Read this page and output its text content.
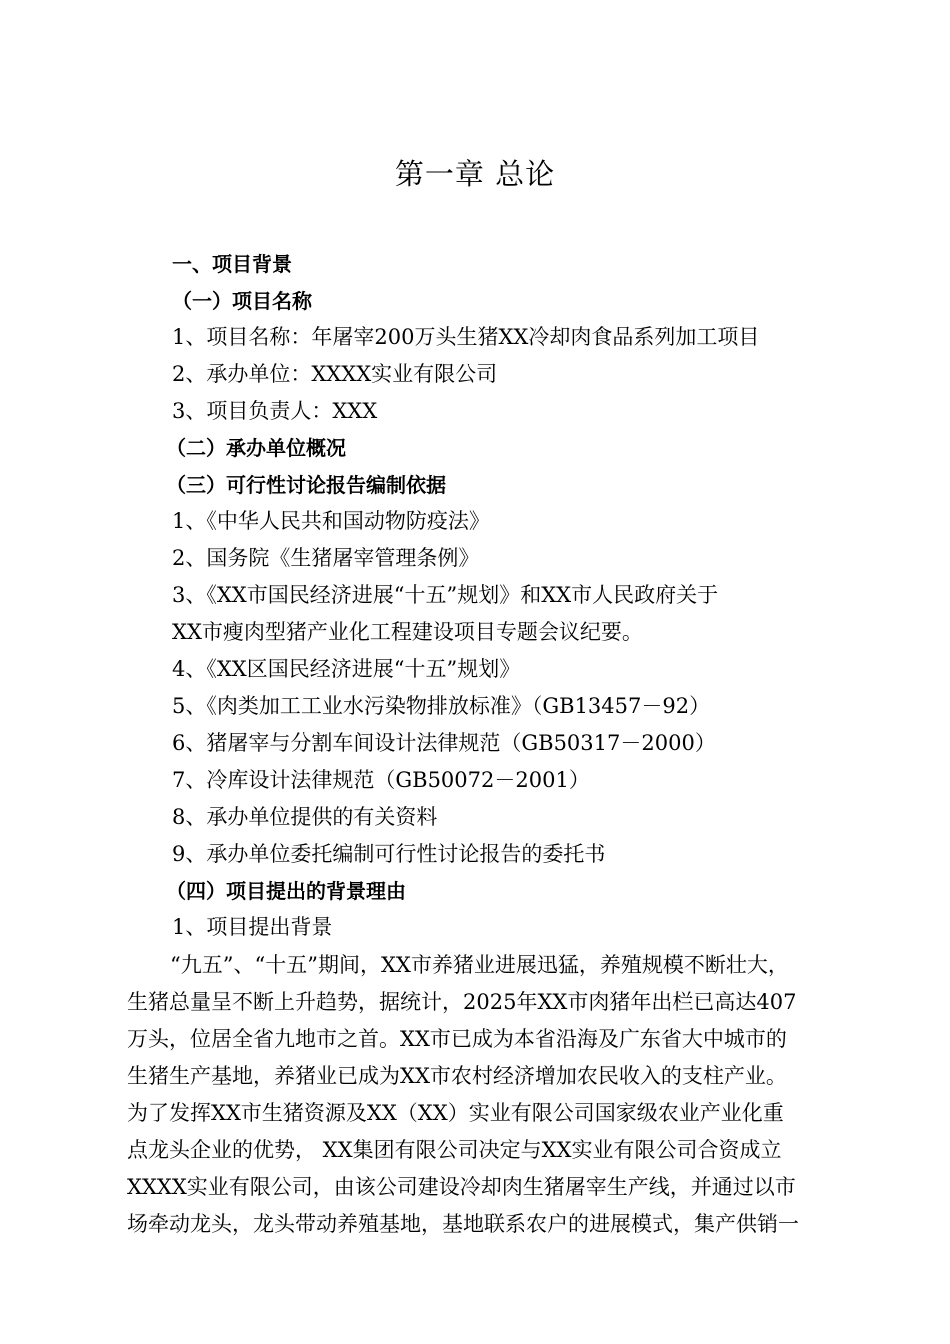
第一章 总论
一、项目背景
（一）项目名称
1、项目名称：年屠宰200万头生猪XX冷却肉食品系列加工项目
2、承办单位：XXXX实业有限公司
3、项目负责人：XXX
（二）承办单位概况
（三）可行性讨论报告编制依据
1、《中华人民共和国动物防疫法》
2、国务院《生猪屠宰管理条例》
3、《XX市国民经济进展“十五”规划》和XX市人民政府关于
XX市瘦肉型猪产业化工程建设项目专题会议纪要。
4、《XX区国民经济进展“十五”规划》
5、《肉类加工工业水污染物排放标准》（GB13457－92）
6、猪屠宰与分割车间设计法律规范（GB50317－2000）
7、冷库设计法律规范（GB50072－2001）
8、承办单位提供的有关资料
9、承办单位委托编制可行性讨论报告的委托书
（四）项目提出的背景理由
1、项目提出背景
“九五”、“十五”期间，XX市养猪业进展迅猛，养殖规模不断壮大，
生猪总量呈不断上升趋势，据统计，2025年XX市肉猪年出栏已高达407
万头，位居全省九地市之首。XX市已成为本省沿海及广东省大中城市的
生猪生产基地，养猪业已成为XX市农村经济增加农民收入的支柱产业。
为了发挥XX市生猪资源及XX（XX）实业有限公司国家级农业产业化重
点龙头企业的优势， XX集团有限公司决定与XX实业有限公司合资成立
XXXX实业有限公司，由该公司建设冷却肉生猪屠宰生产线，并通过以市
场牵动龙头，龙头带动养殖基地，基地联系农户的进展模式，集产供销一
